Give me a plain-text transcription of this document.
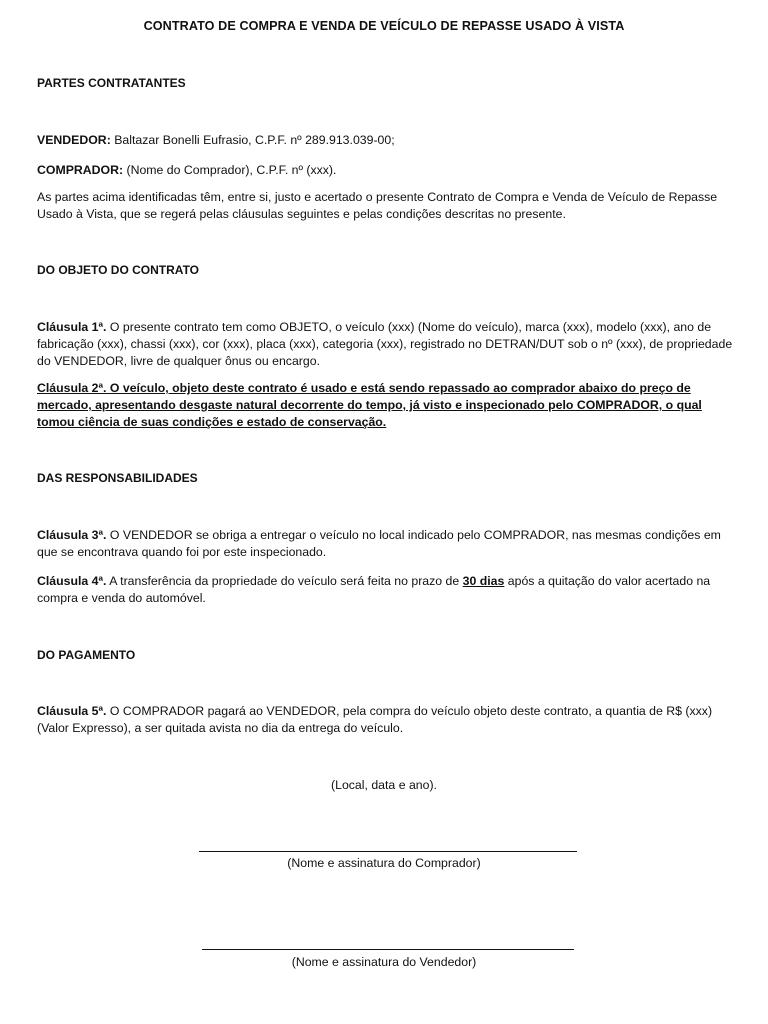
CONTRATO DE COMPRA E VENDA DE VEÍCULO DE REPASSE USADO À VISTA
PARTES CONTRATANTES
VENDEDOR: Baltazar Bonelli Eufrasio, C.P.F. nº 289.913.039-00;
COMPRADOR: (Nome do Comprador), C.P.F. nº (xxx).
As partes acima identificadas têm, entre si, justo e acertado o presente Contrato de Compra e Venda de Veículo de Repasse Usado à Vista, que se regerá pelas cláusulas seguintes e pelas condições descritas no presente.
DO OBJETO DO CONTRATO
Cláusula 1ª. O presente contrato tem como OBJETO, o veículo (xxx) (Nome do veículo), marca (xxx), modelo (xxx), ano de fabricação (xxx), chassi (xxx), cor (xxx), placa (xxx), categoria (xxx), registrado no DETRAN/DUT sob o nº (xxx), de propriedade do VENDEDOR, livre de qualquer ônus ou encargo.
Cláusula 2ª. O veículo, objeto deste contrato é usado e está sendo repassado ao comprador abaixo do preço de mercado, apresentando desgaste natural decorrente do tempo, já visto e inspecionado pelo COMPRADOR, o qual tomou ciência de suas condições e estado de conservação.
DAS RESPONSABILIDADES
Cláusula 3ª. O VENDEDOR se obriga a entregar o veículo no local indicado pelo COMPRADOR, nas mesmas condições em que se encontrava quando foi por este inspecionado.
Cláusula 4ª. A transferência da propriedade do veículo será feita no prazo de 30 dias após a quitação do valor acertado na compra e venda do automóvel.
DO PAGAMENTO
Cláusula 5ª. O COMPRADOR pagará ao VENDEDOR, pela compra do veículo objeto deste contrato, a quantia de R$ (xxx) (Valor Expresso), a ser quitada avista no dia da entrega do veículo.
(Local, data e ano).
(Nome e assinatura do Comprador)
(Nome e assinatura do Vendedor)
